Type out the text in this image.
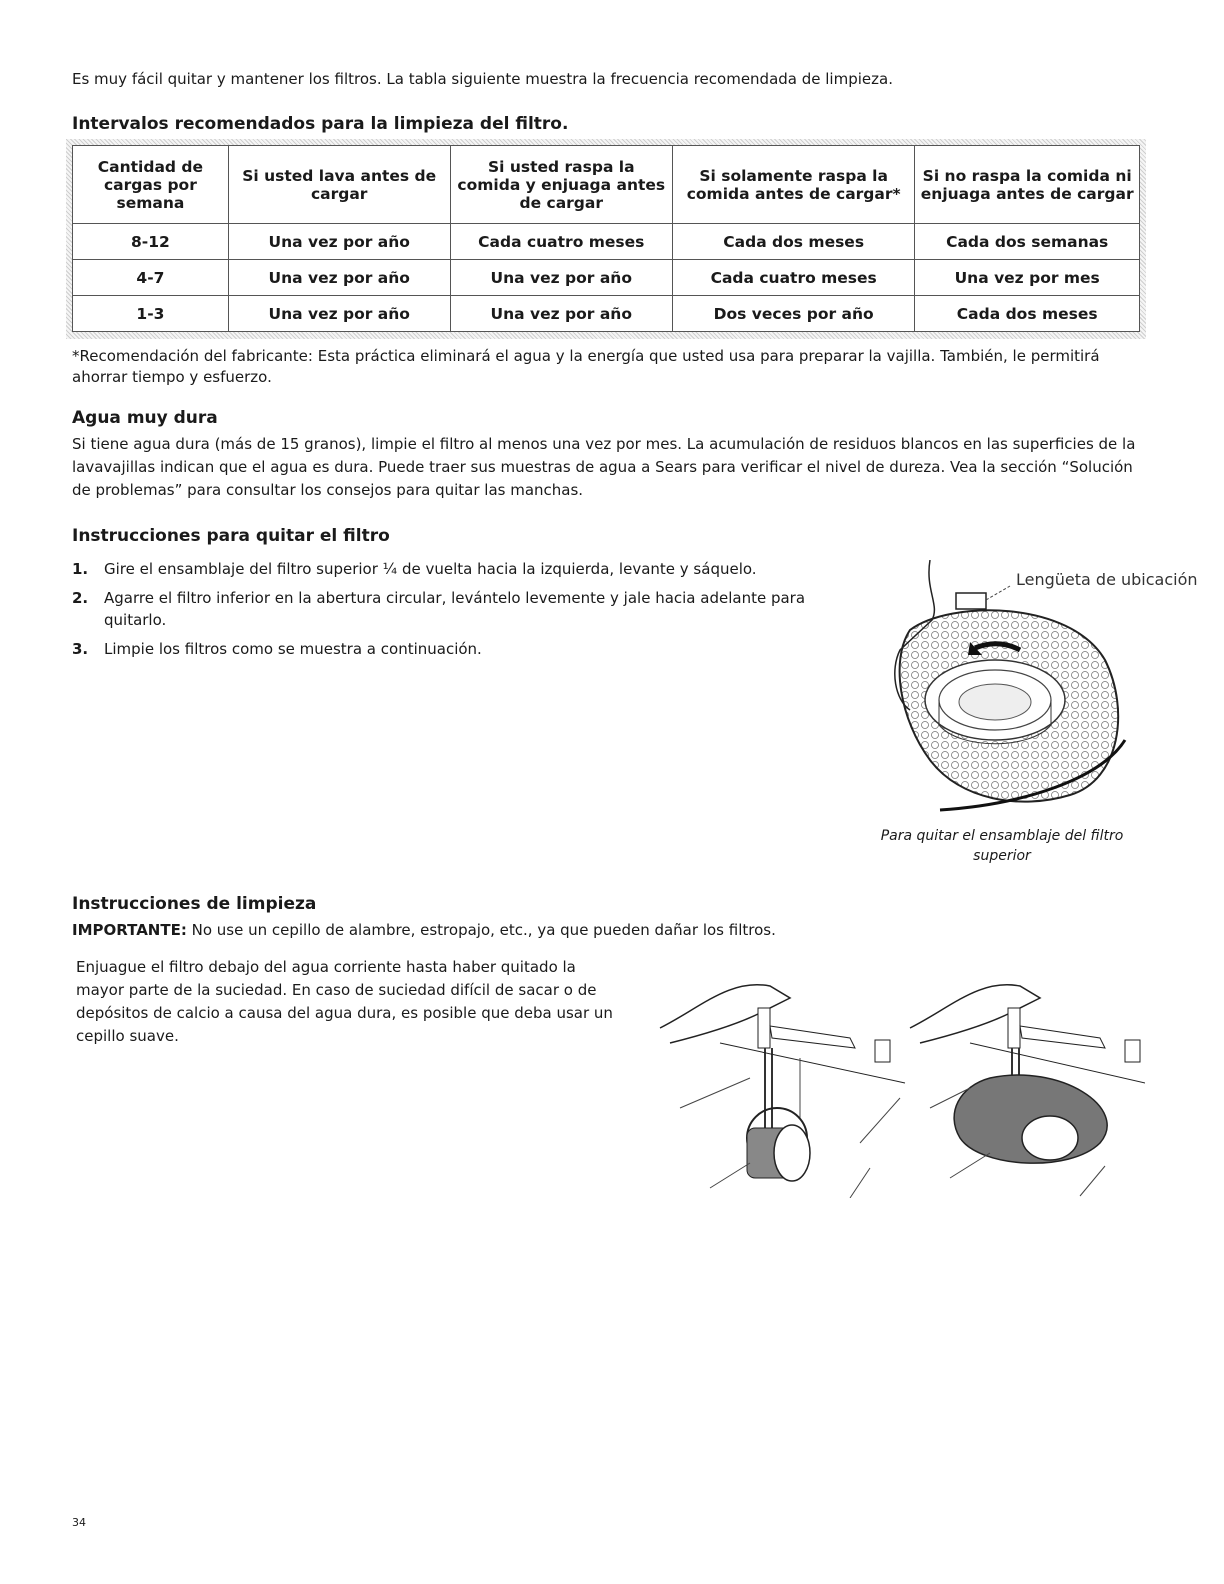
Es muy fácil quitar y mantener los filtros. La tabla siguiente muestra la frecuencia recomendada de limpieza.
Intervalos recomendados para la limpieza del filtro.
Cantidad de cargas por semana	Si usted lava antes de cargar	Si usted raspa la comida y enjuaga antes de cargar	Si solamente raspa la comida antes de cargar*	Si no raspa la comida ni enjuaga antes de cargar
8-12	Una vez por año	Cada cuatro meses	Cada dos meses	Cada dos semanas
4-7	Una vez por año	Una vez por año	Cada cuatro meses	Una vez por mes
1-3	Una vez por año	Una vez por año	Dos veces por año	Cada dos meses
*Recomendación del fabricante: Esta práctica eliminará el agua y la energía que usted usa para preparar la vajilla. También, le permitirá ahorrar tiempo y esfuerzo.
Agua muy dura
Si tiene agua dura (más de 15 granos), limpie el filtro al menos una vez por mes. La acumulación de residuos blancos en las superficies de la lavavajillas indican que el agua es dura. Puede traer sus muestras de agua a Sears para verificar el nivel de dureza. Vea la sección “Solución de problemas” para consultar los consejos para quitar las manchas.
Instrucciones para quitar el filtro
1. Gire el ensamblaje del filtro superior ¼ de vuelta hacia la izquierda, levante y sáquelo.
2. Agarre el filtro inferior en la abertura circular, levántelo levemente y jale hacia adelante para quitarlo.
3. Limpie los filtros como se muestra a continuación.
Lengüeta de ubicación
Para quitar el ensamblaje del filtro superior
Instrucciones de limpieza
IMPORTANTE: No use un cepillo de alambre, estropajo, etc., ya que pueden dañar los filtros.
Enjuague el filtro debajo del agua corriente hasta haber quitado la mayor parte de la suciedad. En caso de suciedad difícil de sacar o de depósitos de calcio a causa del agua dura, es posible que deba usar un cepillo suave.
34
